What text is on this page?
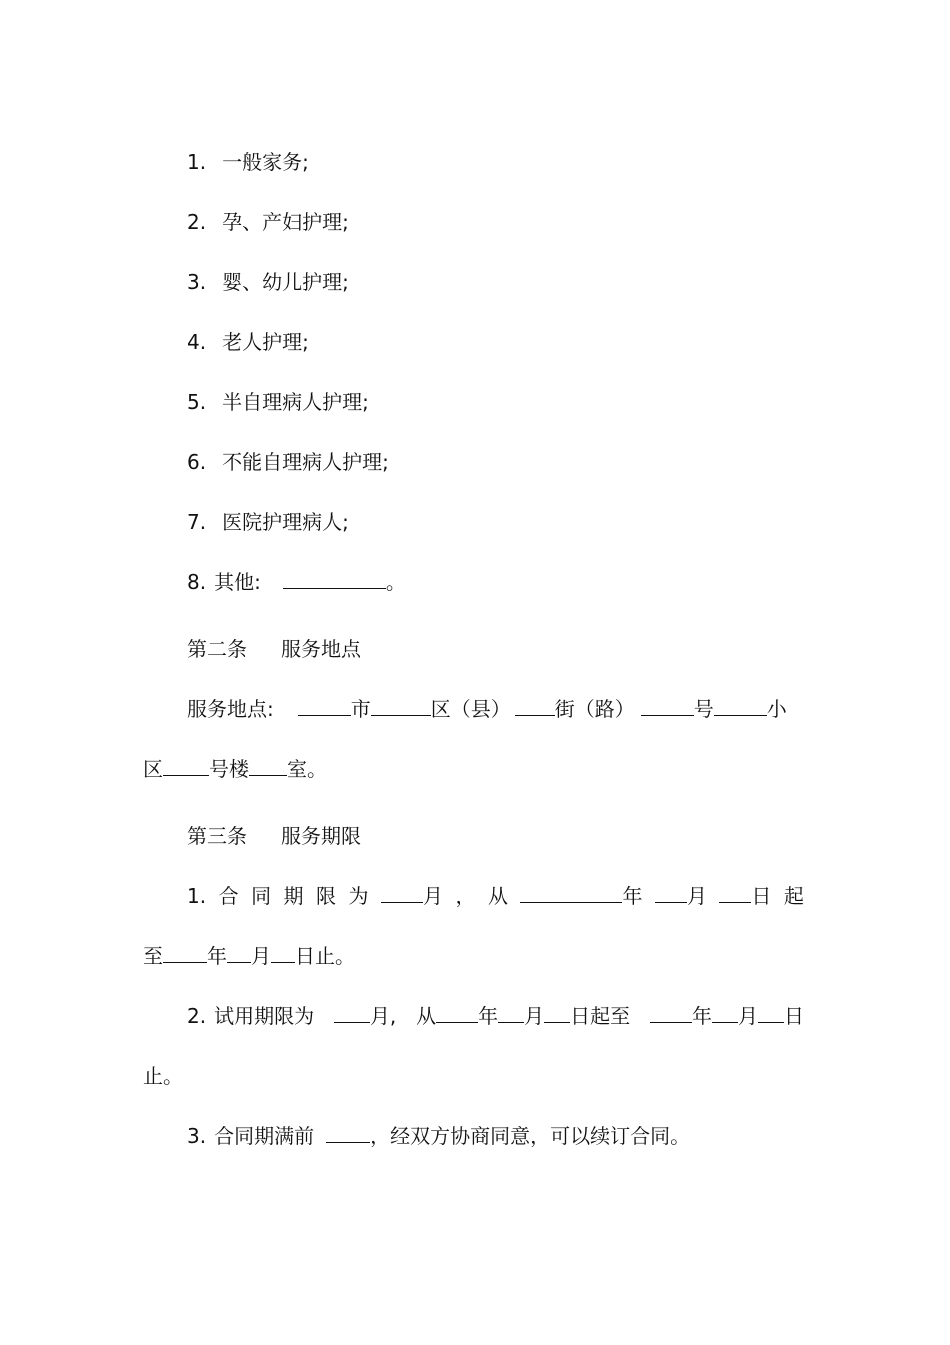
1. 一般家务;
2. 孕、产妇护理;
3. 婴、幼儿护理;
4. 老人护理;
5. 半自理病人护理;
6. 不能自理病人护理;
7. 医院护理病人;
8. 其他:	。
第二条 服务地点
服务地点:	市	区（县） 街（路）	号	小
区 号楼 室。
第三条 服务期限
1. 合 同 期 限 为	月 ， 从	年	月	日 起
至 年 月 日止。
2. 试用期限为	月, 从 年 月 日起至	年 月 日
止。
3. 合同期满前	，经双方协商同意，可以续订合同。
